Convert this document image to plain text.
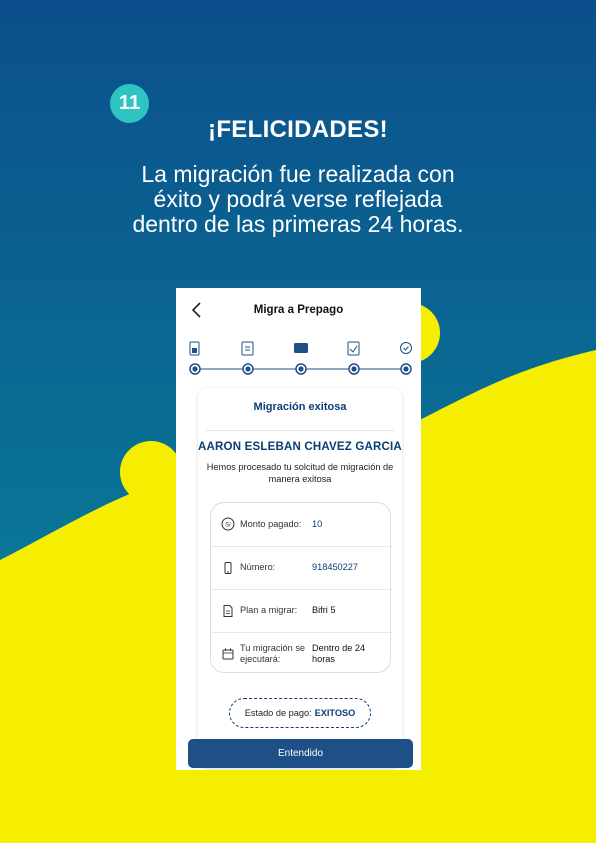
11
¡FELICIDADES!
La migración fue realizada con éxito y podrá verse reflejada dentro de las primeras 24 horas.
Migra a Prepago
Migración exitosa
AARON ESLEBAN CHAVEZ GARCIA
Hemos procesado tu solcitud de migración de manera exitosa
S/ Monto pagado:	10
Número:	918450227
Plan a migrar:	Bifri 5
Tu migración se ejecutará:
Dentro de 24 horas
Estado de pago: EXITOSO
Entendido
